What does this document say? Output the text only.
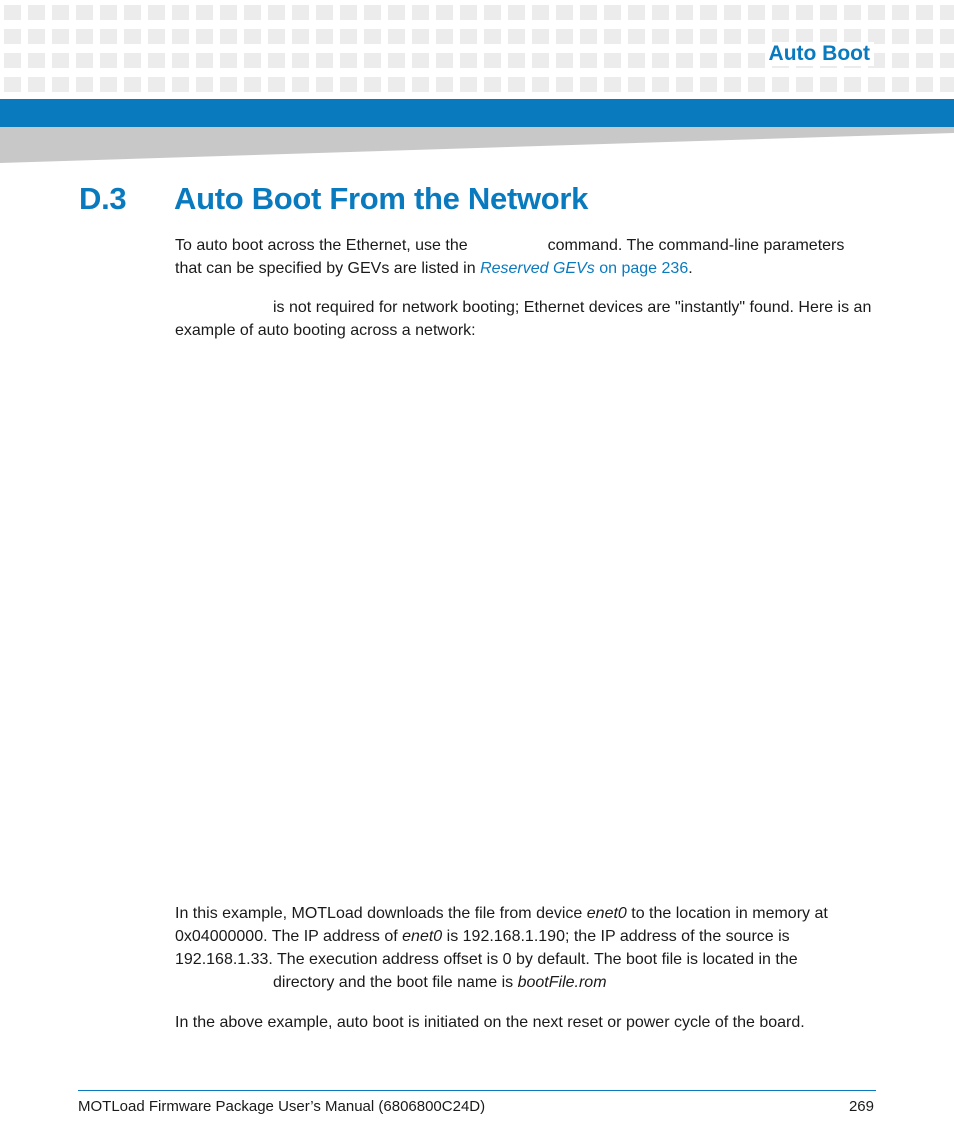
Auto Boot
D.3 Auto Boot From the Network
To auto boot across the Ethernet, use the	command. The command-line parameters that can be specified by GEVs are listed in Reserved GEVs on page 236.
is not required for network booting; Ethernet devices are "instantly" found. Here is an example of auto booting across a network:
In this example, MOTLoad downloads the file from device enet0 to the location in memory at 0x04000000. The IP address of enet0 is 192.168.1.190; the IP address of the source is 192.168.1.33. The execution address offset is 0 by default. The boot file is located in the
directory and the boot file name is bootFile.rom
In the above example, auto boot is initiated on the next reset or power cycle of the board.
MOTLoad Firmware Package User’s Manual (6806800C24D)	269
